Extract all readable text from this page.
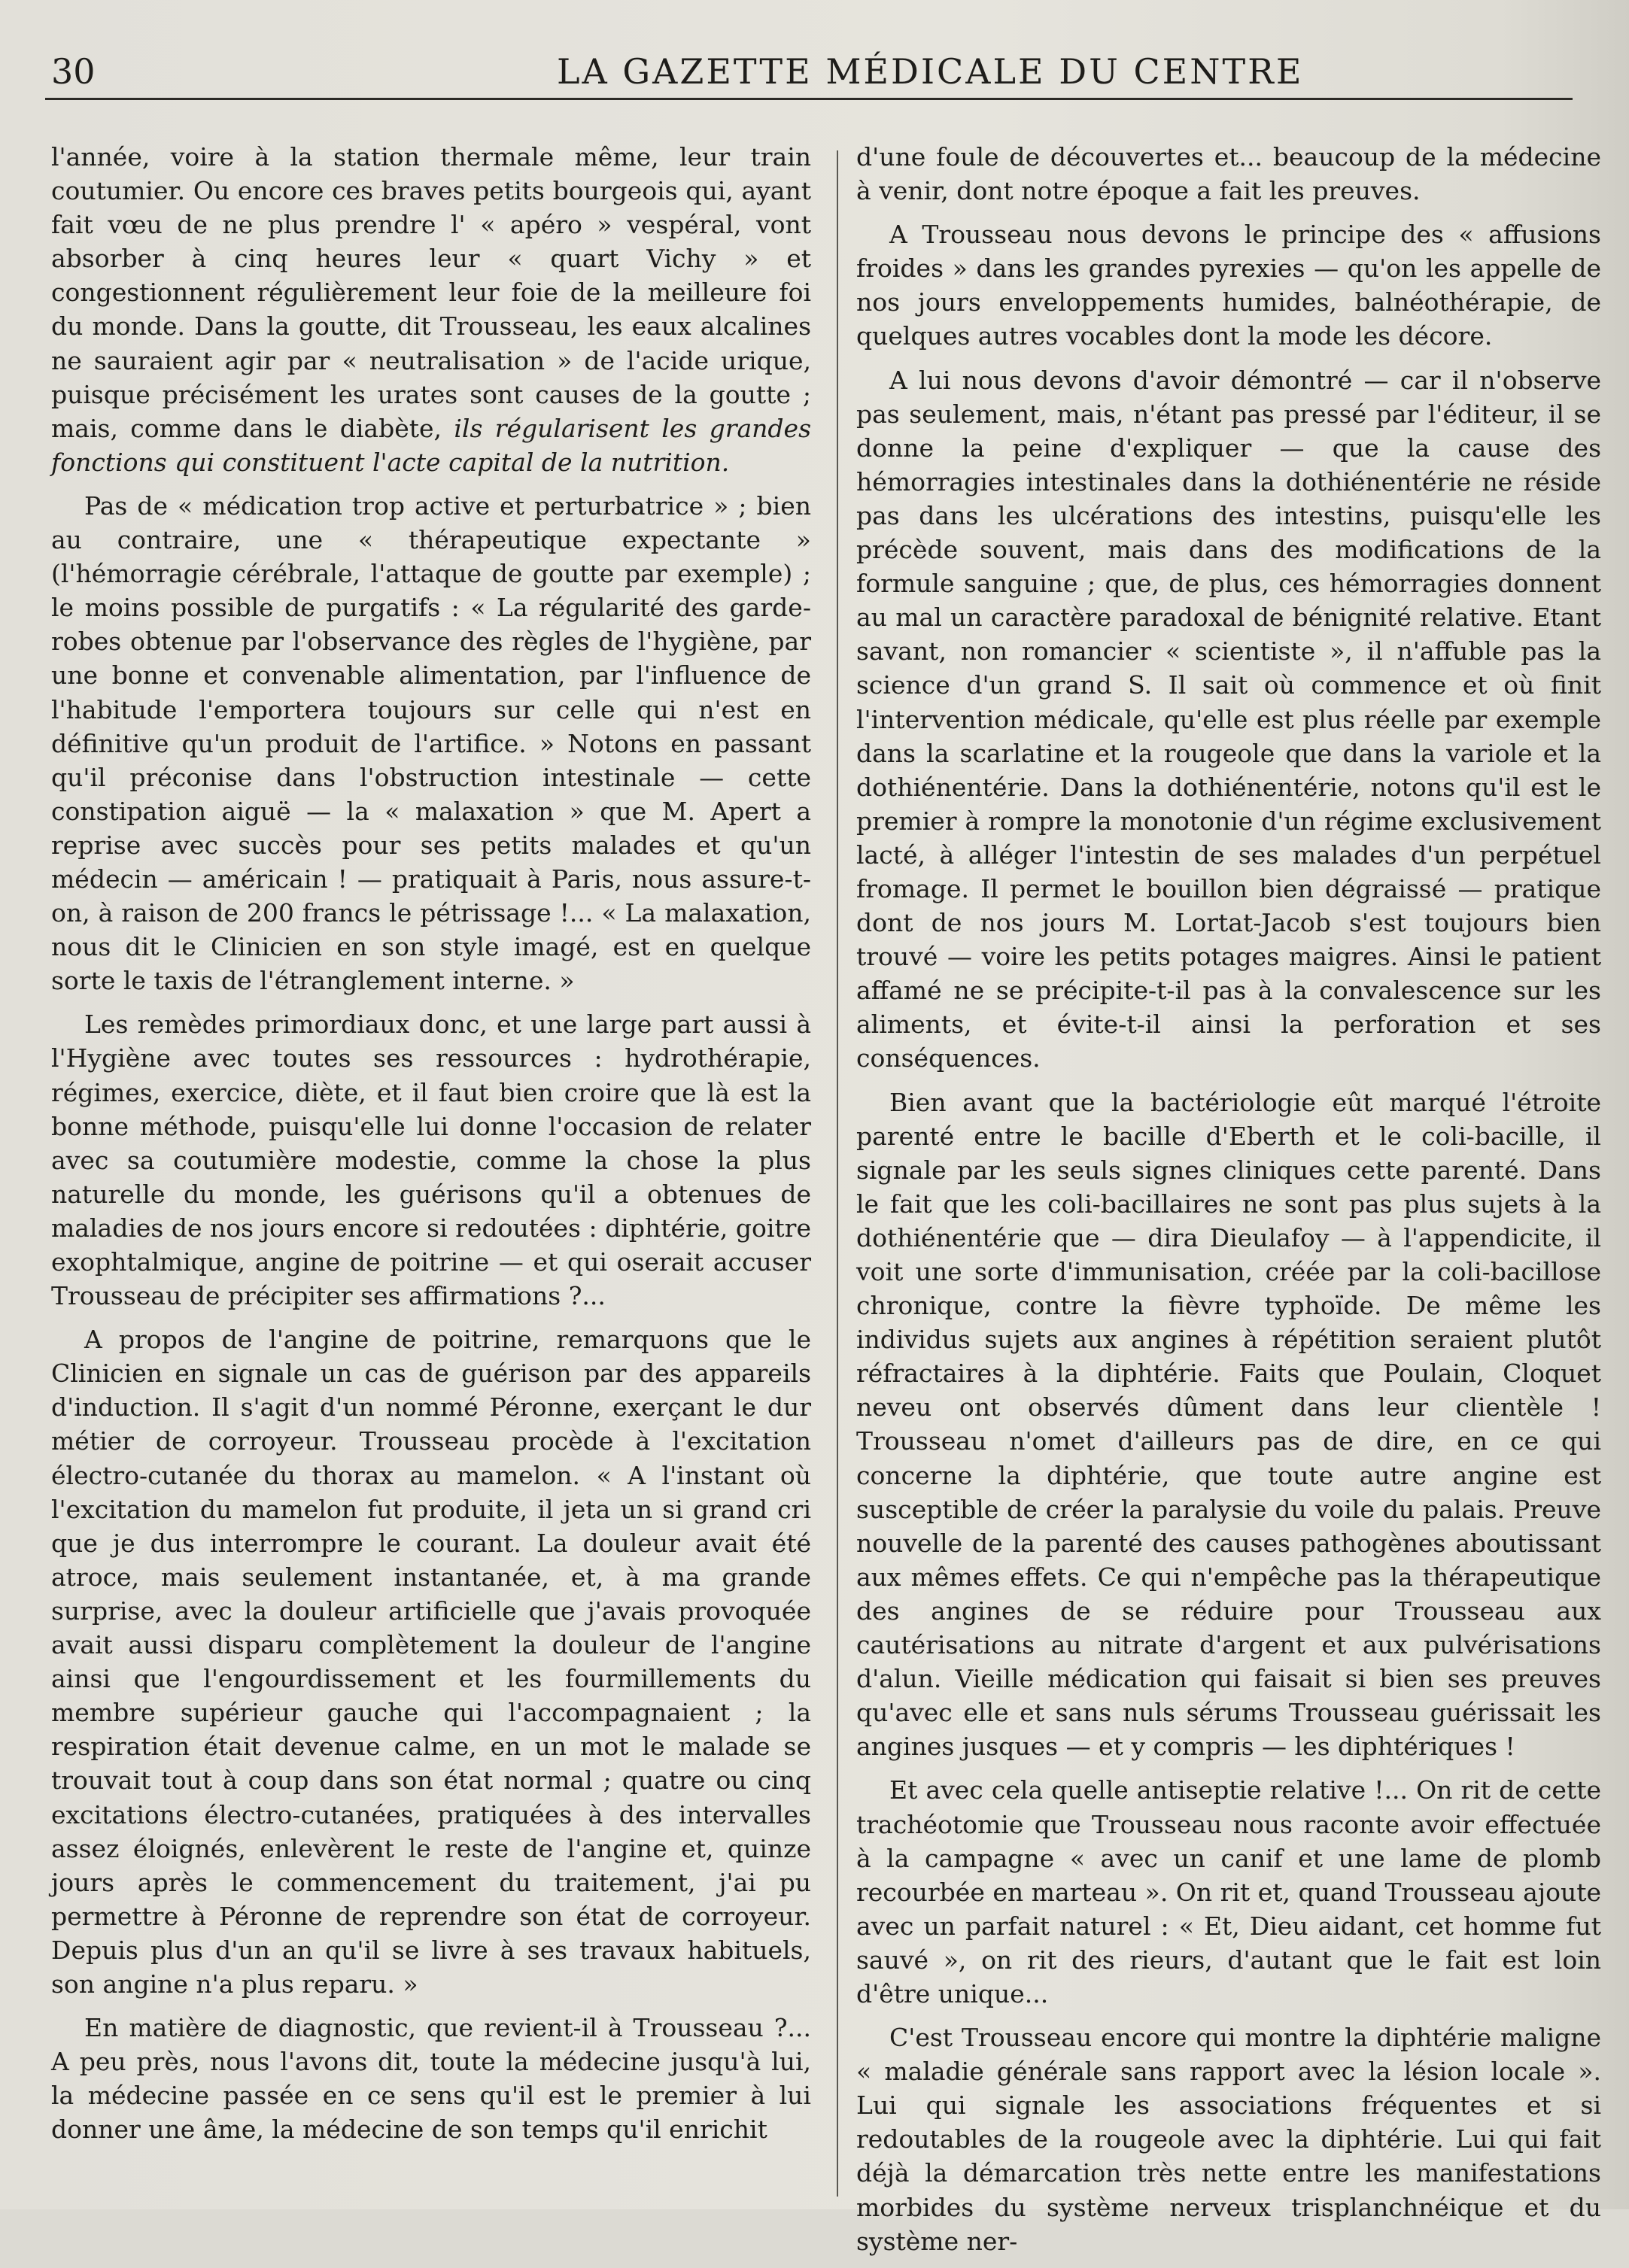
30	LA GAZETTE MÉDICALE DU CENTRE

l'année, voire à la station thermale même, leur train coutumier. Ou encore ces braves petits bourgeois qui, ayant fait vœu de ne plus prendre l' « apéro » vespéral, vont absorber à cinq heures leur « quart Vichy » et congestionnent régulièrement leur foie de la meilleure foi du monde. Dans la goutte, dit Trousseau, les eaux alcalines ne sauraient agir par « neutralisation » de l'acide urique, puisque précisément les urates sont causes de la goutte ; mais, comme dans le diabète, ils régularisent les grandes fonctions qui constituent l'acte capital de la nutrition.

Pas de « médication trop active et perturbatrice » ; bien au contraire, une « thérapeutique expectante » (l'hémorragie cérébrale, l'attaque de goutte par exemple) ; le moins possible de purgatifs : « La régularité des garde-robes obtenue par l'observance des règles de l'hygiène, par une bonne et convenable alimentation, par l'influence de l'habitude l'emportera toujours sur celle qui n'est en définitive qu'un produit de l'artifice. » Notons en passant qu'il préconise dans l'obstruction intestinale — cette constipation aiguë — la « malaxation » que M. Apert a reprise avec succès pour ses petits malades et qu'un médecin — américain ! — pratiquait à Paris, nous assure-t-on, à raison de 200 francs le pétrissage !... « La malaxation, nous dit le Clinicien en son style imagé, est en quelque sorte le taxis de l'étranglement interne. »

Les remèdes primordiaux donc, et une large part aussi à l'Hygiène avec toutes ses ressources : hydrothérapie, régimes, exercice, diète, et il faut bien croire que là est la bonne méthode, puisqu'elle lui donne l'occasion de relater avec sa coutumière modestie, comme la chose la plus naturelle du monde, les guérisons qu'il a obtenues de maladies de nos jours encore si redoutées : diphtérie, goitre exophtalmique, angine de poitrine — et qui oserait accuser Trousseau de précipiter ses affirmations ?...

A propos de l'angine de poitrine, remarquons que le Clinicien en signale un cas de guérison par des appareils d'induction. Il s'agit d'un nommé Péronne, exerçant le dur métier de corroyeur. Trousseau procède à l'excitation électro-cutanée du thorax au mamelon. « A l'instant où l'excitation du mamelon fut produite, il jeta un si grand cri que je dus interrompre le courant. La douleur avait été atroce, mais seulement instantanée, et, à ma grande surprise, avec la douleur artificielle que j'avais provoquée avait aussi disparu complètement la douleur de l'angine ainsi que l'engourdissement et les fourmillements du membre supérieur gauche qui l'accompagnaient ; la respiration était devenue calme, en un mot le malade se trouvait tout à coup dans son état normal ; quatre ou cinq excitations électro-cutanées, pratiquées à des intervalles assez éloignés, enlevèrent le reste de l'angine et, quinze jours après le commencement du traitement, j'ai pu permettre à Péronne de reprendre son état de corroyeur. Depuis plus d'un an qu'il se livre à ses travaux habituels, son angine n'a plus reparu. »

En matière de diagnostic, que revient-il à Trousseau ?... A peu près, nous l'avons dit, toute la médecine jusqu'à lui, la médecine passée en ce sens qu'il est le premier à lui donner une âme, la médecine de son temps qu'il enrichit

d'une foule de découvertes et... beaucoup de la médecine à venir, dont notre époque a fait les preuves.

A Trousseau nous devons le principe des « affusions froides » dans les grandes pyrexies — qu'on les appelle de nos jours enveloppements humides, balnéothérapie, de quelques autres vocables dont la mode les décore.

A lui nous devons d'avoir démontré — car il n'observe pas seulement, mais, n'étant pas pressé par l'éditeur, il se donne la peine d'expliquer — que la cause des hémorragies intestinales dans la dothiénentérie ne réside pas dans les ulcérations des intestins, puisqu'elle les précède souvent, mais dans des modifications de la formule sanguine ; que, de plus, ces hémorragies donnent au mal un caractère paradoxal de bénignité relative. Etant savant, non romancier « scientiste », il n'affuble pas la science d'un grand S. Il sait où commence et où finit l'intervention médicale, qu'elle est plus réelle par exemple dans la scarlatine et la rougeole que dans la variole et la dothiénentérie. Dans la dothiénentérie, notons qu'il est le premier à rompre la monotonie d'un régime exclusivement lacté, à alléger l'intestin de ses malades d'un perpétuel fromage. Il permet le bouillon bien dégraissé — pratique dont de nos jours M. Lortat-Jacob s'est toujours bien trouvé — voire les petits potages maigres. Ainsi le patient affamé ne se précipite-t-il pas à la convalescence sur les aliments, et évite-t-il ainsi la perforation et ses conséquences.

Bien avant que la bactériologie eût marqué l'étroite parenté entre le bacille d'Eberth et le coli-bacille, il signale par les seuls signes cliniques cette parenté. Dans le fait que les coli-bacillaires ne sont pas plus sujets à la dothiénentérie que — dira Dieulafoy — à l'appendicite, il voit une sorte d'immunisation, créée par la coli-bacillose chronique, contre la fièvre typhoïde. De même les individus sujets aux angines à répétition seraient plutôt réfractaires à la diphtérie. Faits que Poulain, Cloquet neveu ont observés dûment dans leur clientèle ! Trousseau n'omet d'ailleurs pas de dire, en ce qui concerne la diphtérie, que toute autre angine est susceptible de créer la paralysie du voile du palais. Preuve nouvelle de la parenté des causes pathogènes aboutissant aux mêmes effets. Ce qui n'empêche pas la thérapeutique des angines de se réduire pour Trousseau aux cautérisations au nitrate d'argent et aux pulvérisations d'alun. Vieille médication qui faisait si bien ses preuves qu'avec elle et sans nuls sérums Trousseau guérissait les angines jusques — et y compris — les diphtériques !

Et avec cela quelle antiseptie relative !... On rit de cette trachéotomie que Trousseau nous raconte avoir effectuée à la campagne « avec un canif et une lame de plomb recourbée en marteau ». On rit et, quand Trousseau ajoute avec un parfait naturel : « Et, Dieu aidant, cet homme fut sauvé », on rit des rieurs, d'autant que le fait est loin d'être unique...

C'est Trousseau encore qui montre la diphtérie maligne « maladie générale sans rapport avec la lésion locale ». Lui qui signale les associations fréquentes et si redoutables de la rougeole avec la diphtérie. Lui qui fait déjà la démarcation très nette entre les manifestations morbides du système nerveux trisplanchnéique et du système ner-
